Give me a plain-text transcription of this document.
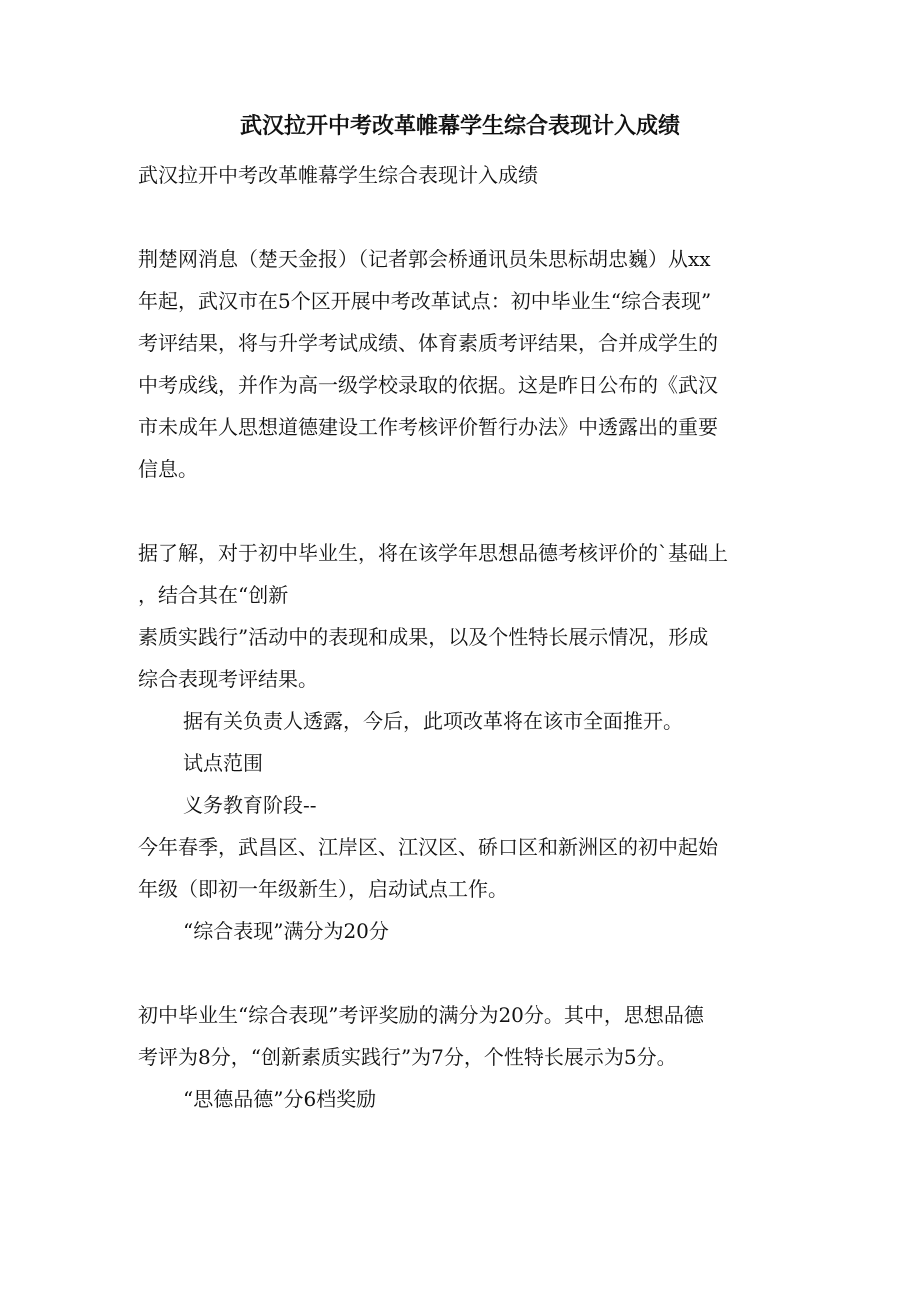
武汉拉开中考改革帷幕学生综合表现计入成绩

武汉拉开中考改革帷幕学生综合表现计入成绩

荆楚网消息（楚天金报）（记者郭会桥通讯员朱思标胡忠巍）从xx

年起，武汉市在5个区开展中考改革试点：初中毕业生“综合表现”

考评结果，将与升学考试成绩、体育素质考评结果，合并成学生的

中考成线，并作为高一级学校录取的依据。这是昨日公布的《武汉

市未成年人思想道德建设工作考核评价暂行办法》中透露出的重要

信息。

据了解，对于初中毕业生，将在该学年思想品德考核评价的`基础上

，结合其在“创新

素质实践行”活动中的表现和成果，以及个性特长展示情况，形成

综合表现考评结果。

据有关负责人透露，今后，此项改革将在该市全面推开。

试点范围

义务教育阶段--

今年春季，武昌区、江岸区、江汉区、硚口区和新洲区的初中起始

年级（即初一年级新生），启动试点工作。

“综合表现”满分为20分

初中毕业生“综合表现”考评奖励的满分为20分。其中，思想品德

考评为8分，“创新素质实践行”为7分，个性特长展示为5分。

“思德品德”分6档奖励
